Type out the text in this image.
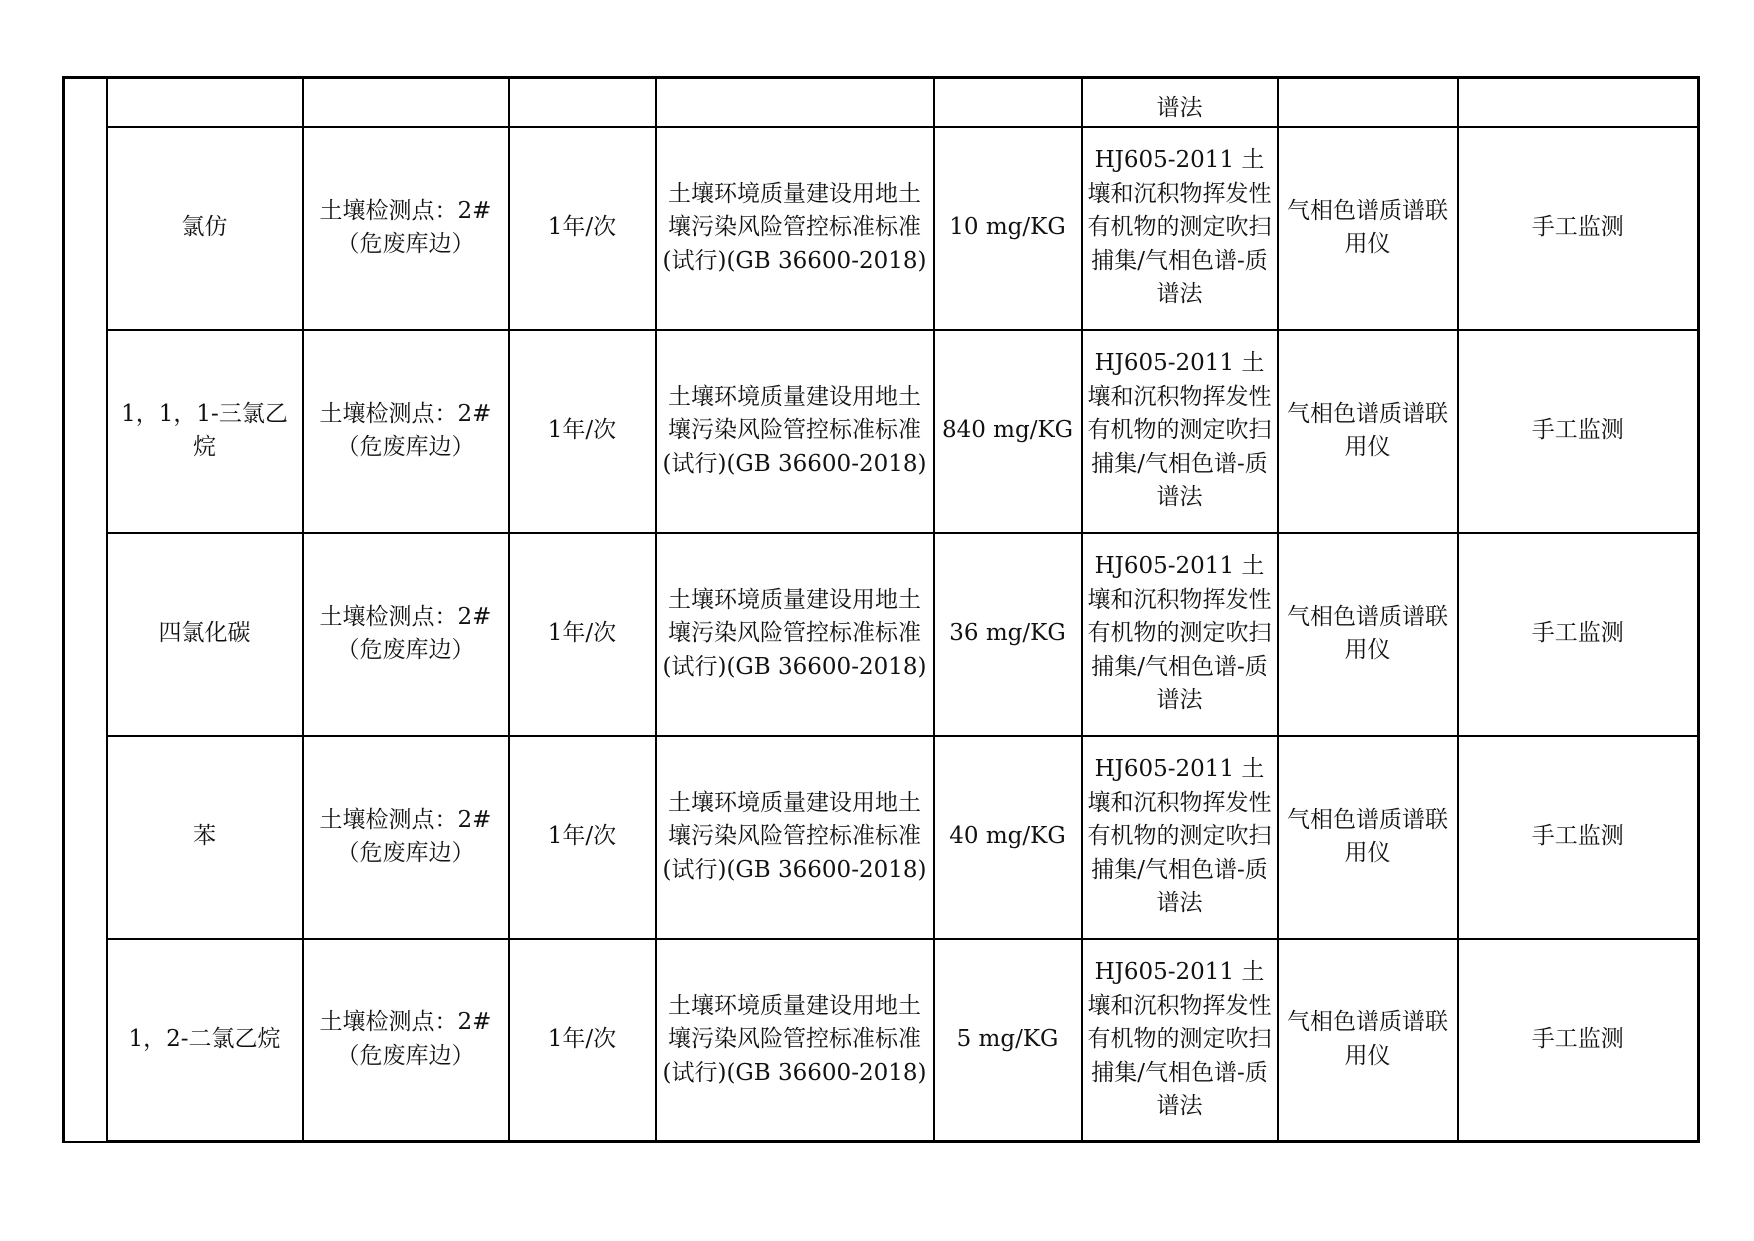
						谱法		
	氯仿	土壤检测点：2#（危废库边）	1年/次	土壤环境质量建设用地土壤污染风险管控标准标准(试行)(GB 36600-2018)	10 mg/KG	HJ605-2011 土壤和沉积物挥发性有机物的测定吹扫捕集/气相色谱-质谱法	气相色谱质谱联用仪	手工监测
	1，1，1-三氯乙烷	土壤检测点：2#（危废库边）	1年/次	土壤环境质量建设用地土壤污染风险管控标准标准(试行)(GB 36600-2018)	840 mg/KG	HJ605-2011 土壤和沉积物挥发性有机物的测定吹扫捕集/气相色谱-质谱法	气相色谱质谱联用仪	手工监测
	四氯化碳	土壤检测点：2#（危废库边）	1年/次	土壤环境质量建设用地土壤污染风险管控标准标准(试行)(GB 36600-2018)	36 mg/KG	HJ605-2011 土壤和沉积物挥发性有机物的测定吹扫捕集/气相色谱-质谱法	气相色谱质谱联用仪	手工监测
	苯	土壤检测点：2#（危废库边）	1年/次	土壤环境质量建设用地土壤污染风险管控标准标准(试行)(GB 36600-2018)	40 mg/KG	HJ605-2011 土壤和沉积物挥发性有机物的测定吹扫捕集/气相色谱-质谱法	气相色谱质谱联用仪	手工监测
	1，2-二氯乙烷	土壤检测点：2#（危废库边）	1年/次	土壤环境质量建设用地土壤污染风险管控标准标准(试行)(GB 36600-2018)	5 mg/KG	HJ605-2011 土壤和沉积物挥发性有机物的测定吹扫捕集/气相色谱-质谱法	气相色谱质谱联用仪	手工监测
